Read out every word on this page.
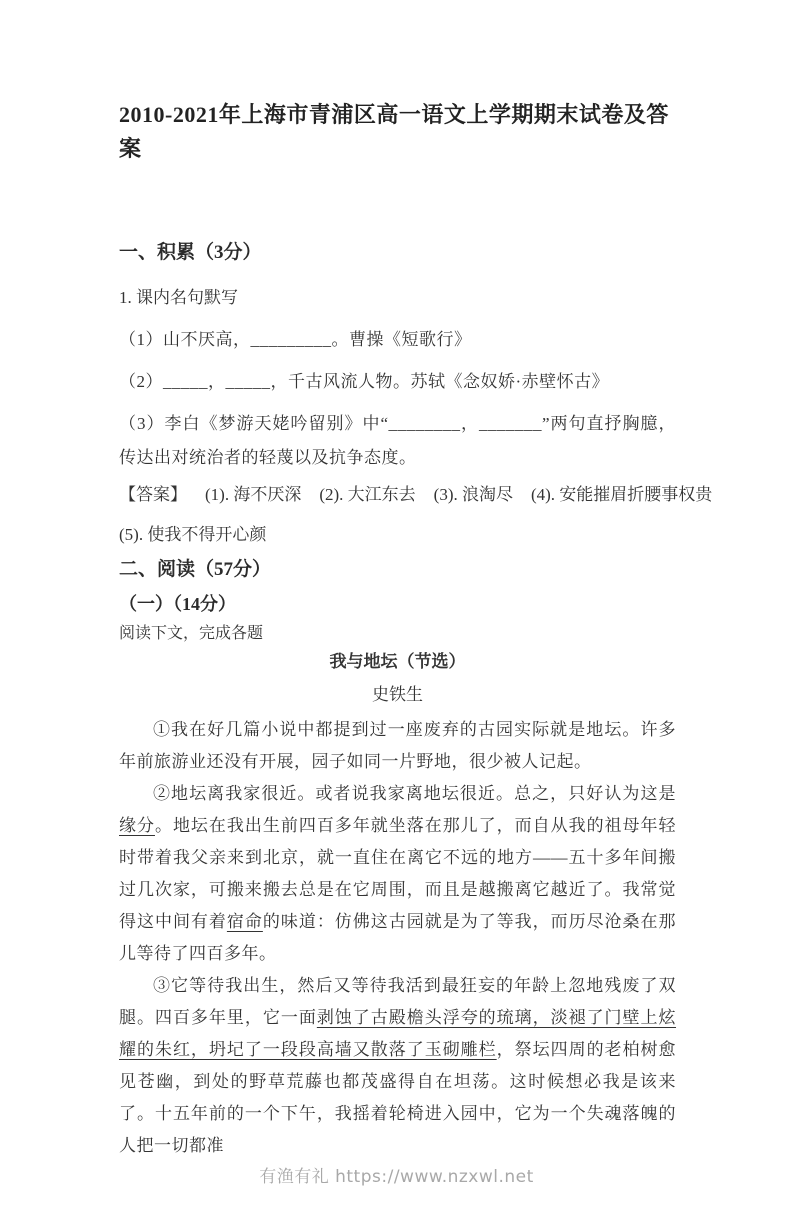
2010-2021年上海市青浦区高一语文上学期期末试卷及答案
一、积累（3分）
1. 课内名句默写
（1）山不厌高，_________。曹操《短歌行》
（2）_____，_____，千古风流人物。苏轼《念奴娇·赤壁怀古》
（3）李白《梦游天姥吟留别》中“________，_______”两句直抒胸臆，传达出对统治者的轻蔑以及抗争态度。
【答案】 (1). 海不厌深 (2). 大江东去 (3). 浪淘尽 (4). 安能摧眉折腰事权贵
(5). 使我不得开心颜
二、阅读（57分）
（一）（14分）
阅读下文，完成各题
我与地坛（节选）
史铁生

①我在好几篇小说中都提到过一座废弃的古园实际就是地坛。许多年前旅游业还没有开展，园子如同一片野地，很少被人记起。

②地坛离我家很近。或者说我家离地坛很近。总之，只好认为这是缘分。地坛在我出生前四百多年就坐落在那儿了，而自从我的祖母年轻时带着我父亲来到北京，就一直住在离它不远的地方——五十多年间搬过几次家，可搬来搬去总是在它周围，而且是越搬离它越近了。我常觉得这中间有着宿命的味道：仿佛这古园就是为了等我，而历尽沧桑在那儿等待了四百多年。

③它等待我出生，然后又等待我活到最狂妄的年龄上忽地残废了双腿。四百多年里，它一面剥蚀了古殿檐头浮夸的琉璃，淡褪了门壁上炫耀的朱红，坍圮了一段段高墙又散落了玉砌雕栏，祭坛四周的老柏树愈见苍幽，到处的野草荒藤也都茂盛得自在坦荡。这时候想必我是该来了。十五年前的一个下午，我摇着轮椅进入园中，它为一个失魂落魄的人把一切都准

有渔有礼 https://www.nzxwl.net
